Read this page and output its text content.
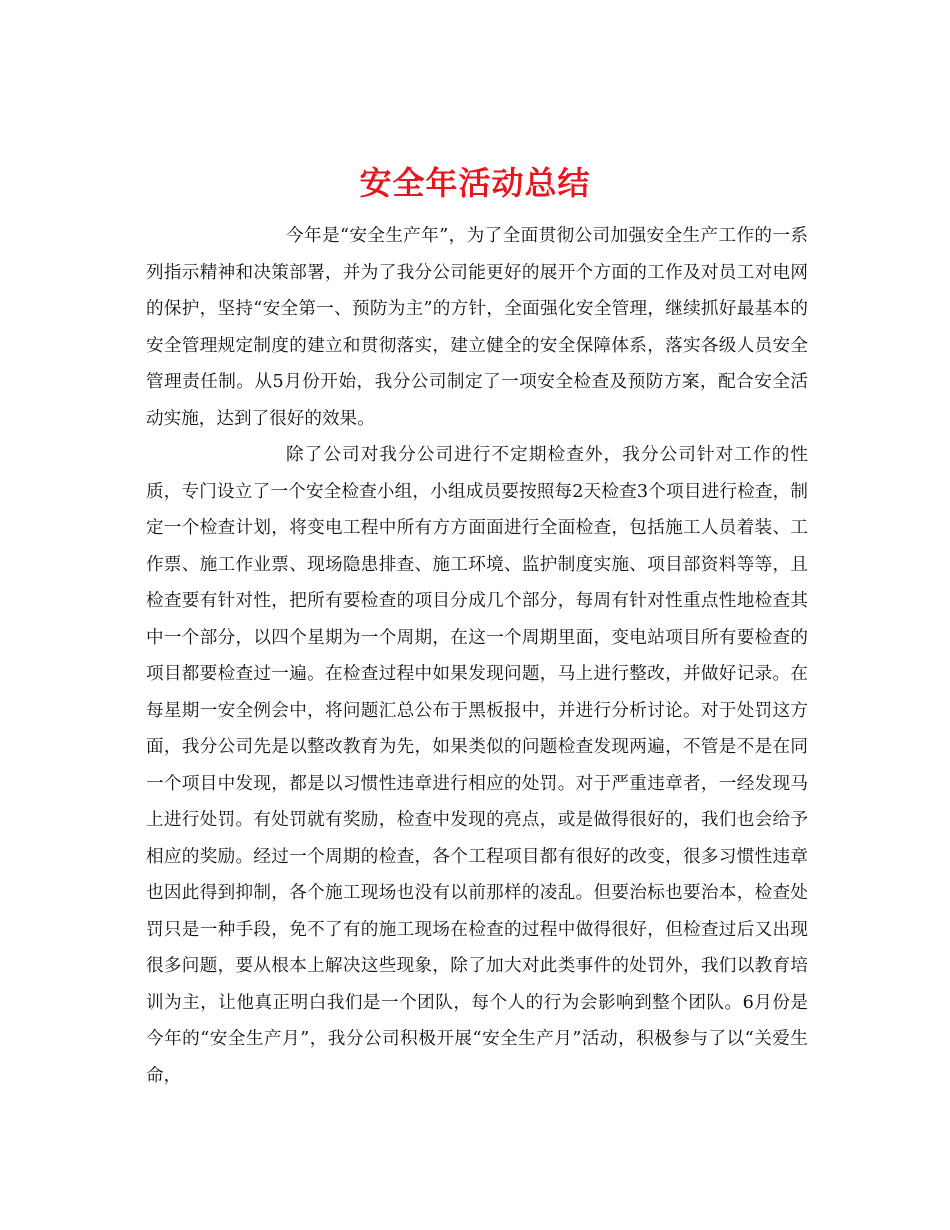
安全年活动总结

今年是“安全生产年”，为了全面贯彻公司加强安全生产工作的一系列指示精神和决策部署，并为了我分公司能更好的展开个方面的工作及对员工对电网的保护，坚持“安全第一、预防为主”的方针，全面强化安全管理，继续抓好最基本的安全管理规定制度的建立和贯彻落实，建立健全的安全保障体系，落实各级人员安全管理责任制。从5月份开始，我分公司制定了一项安全检查及预防方案，配合安全活动实施，达到了很好的效果。

除了公司对我分公司进行不定期检查外，我分公司针对工作的性质，专门设立了一个安全检查小组，小组成员要按照每2天检查3个项目进行检查，制定一个检查计划，将变电工程中所有方方面面进行全面检查，包括施工人员着装、工作票、施工作业票、现场隐患排查、施工环境、监护制度实施、项目部资料等等，且检查要有针对性，把所有要检查的项目分成几个部分，每周有针对性重点性地检查其中一个部分，以四个星期为一个周期，在这一个周期里面，变电站项目所有要检查的项目都要检查过一遍。在检查过程中如果发现问题，马上进行整改，并做好记录。在每星期一安全例会中，将问题汇总公布于黑板报中，并进行分析讨论。对于处罚这方面，我分公司先是以整改教育为先，如果类似的问题检查发现两遍，不管是不是在同一个项目中发现，都是以习惯性违章进行相应的处罚。对于严重违章者，一经发现马上进行处罚。有处罚就有奖励，检查中发现的亮点，或是做得很好的，我们也会给予相应的奖励。经过一个周期的检查，各个工程项目都有很好的改变，很多习惯性违章也因此得到抑制，各个施工现场也没有以前那样的凌乱。但要治标也要治本，检查处罚只是一种手段，免不了有的施工现场在检查的过程中做得很好，但检查过后又出现很多问题，要从根本上解决这些现象，除了加大对此类事件的处罚外，我们以教育培训为主，让他真正明白我们是一个团队，每个人的行为会影响到整个团队。6月份是今年的“安全生产月”，我分公司积极开展“安全生产月”活动，积极参与了以“关爱生命，
